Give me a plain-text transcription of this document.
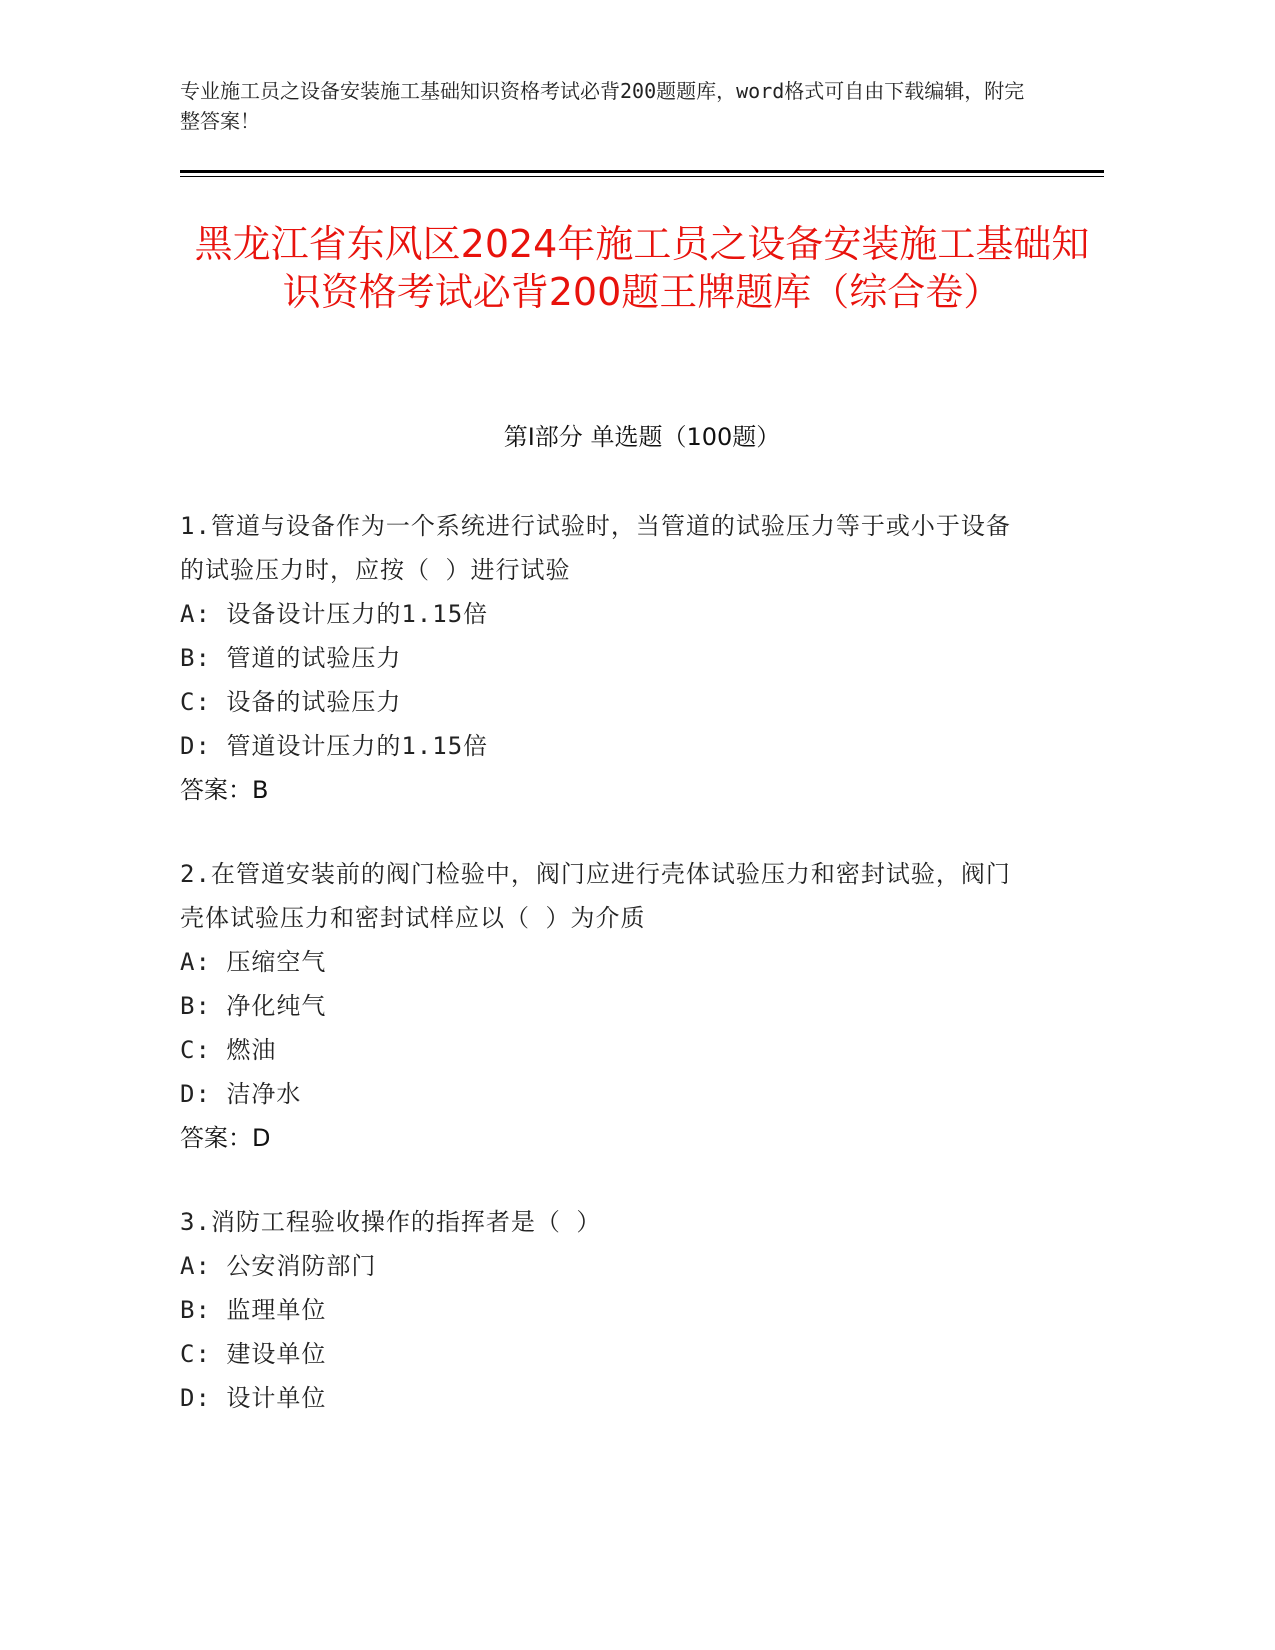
专业施工员之设备安装施工基础知识资格考试必背200题题库，word格式可自由下载编辑，附完整答案！
黑龙江省东风区2024年施工员之设备安装施工基础知识资格考试必背200题王牌题库（综合卷）
第Ⅰ部分 单选题（100题）
1.管道与设备作为一个系统进行试验时，当管道的试验压力等于或小于设备的试验压力时，应按（ ）进行试验
A: 设备设计压力的1.15倍
B: 管道的试验压力
C: 设备的试验压力
D: 管道设计压力的1.15倍
答案：B
2.在管道安装前的阀门检验中，阀门应进行壳体试验压力和密封试验，阀门壳体试验压力和密封试样应以（ ）为介质
A: 压缩空气
B: 净化纯气
C: 燃油
D: 洁净水
答案：D
3.消防工程验收操作的指挥者是（ ）
A: 公安消防部门
B: 监理单位
C: 建设单位
D: 设计单位
